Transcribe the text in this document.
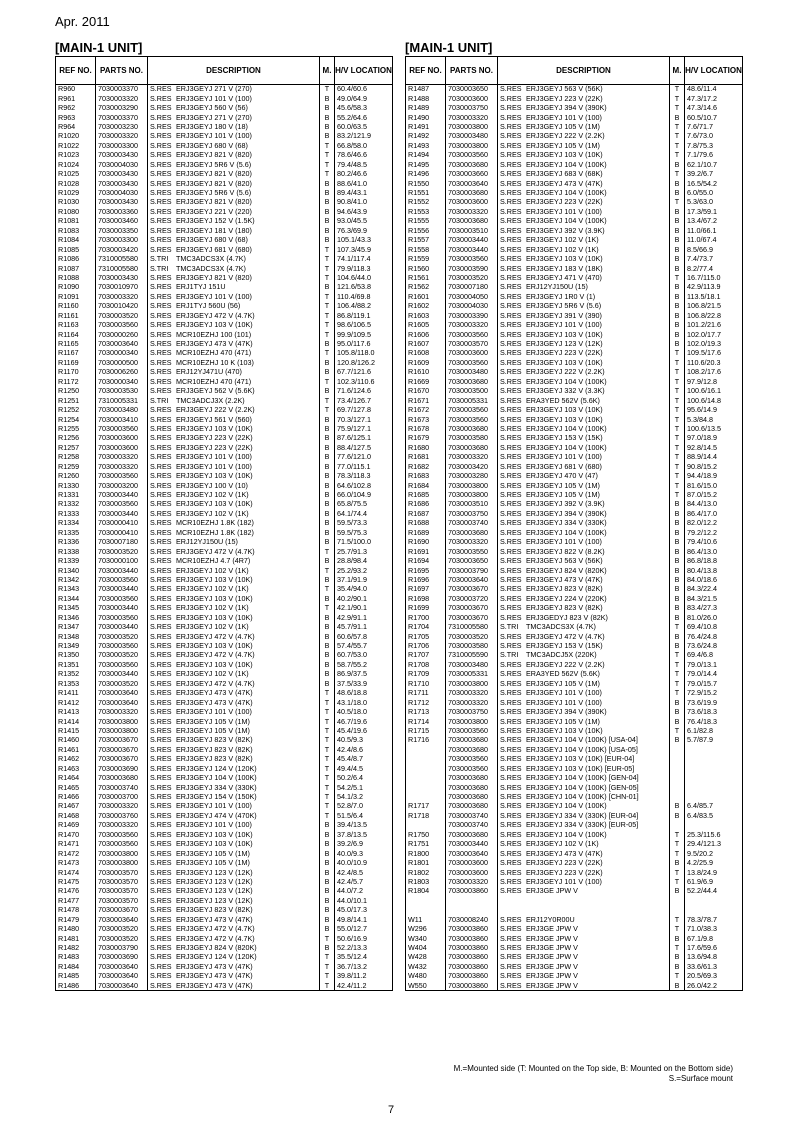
Apr. 2011
[MAIN-1 UNIT]	[MAIN-1 UNIT]
REF NO.	PARTS NO.	DESCRIPTION	M.	H/V LOCATION
R960	7030003370	S.RES ERJ3GEYJ 271 V (270)	T	60.4/60.6
R961	7030003320	S.RES ERJ3GEYJ 101 V (100)	B	49.0/64.9
R962	7030003290	S.RES ERJ3GEYJ 560 V (56)	B	45.6/58.3
R963	7030003370	S.RES ERJ3GEYJ 271 V (270)	B	55.2/64.6
R964	7030003230	S.RES ERJ3GEYJ 180 V (18)	B	60.0/63.5
R1020	7030003320	S.RES ERJ3GEYJ 101 V (100)	B	83.2/121.9
R1022	7030003300	S.RES ERJ3GEYJ 680 V (68)	T	66.8/58.0
R1023	7030003430	S.RES ERJ3GEYJ 821 V (820)	T	78.6/46.6
R1024	7030004030	S.RES ERJ3GEYJ 5R6 V (5.6)	T	79.4/48.5
R1025	7030003430	S.RES ERJ3GEYJ 821 V (820)	T	80.2/46.6
R1028	7030003430	S.RES ERJ3GEYJ 821 V (820)	B	88.6/41.0
R1029	7030004030	S.RES ERJ3GEYJ 5R6 V (5.6)	B	89.4/43.1
R1030	7030003430	S.RES ERJ3GEYJ 821 V (820)	B	90.8/41.0
R1080	7030003360	S.RES ERJ3GEYJ 221 V (220)	B	94.6/43.9
R1081	7030003460	S.RES ERJ3GEYJ 152 V (1.5K)	B	93.0/45.5
R1083	7030003350	S.RES ERJ3GEYJ 181 V (180)	B	76.3/69.9
R1084	7030003300	S.RES ERJ3GEYJ 680 V (68)	B	105.1/43.3
R1085	7030003420	S.RES ERJ3GEYJ 681 V (680)	T	107.3/45.9
R1086	7310005580	S.TRI TMC3ADCS3X (4.7K)	T	74.1/117.4
R1087	7310005580	S.TRI TMC3ADCS3X (4.7K)	T	79.9/118.3
R1088	7030003430	S.RES ERJ3GEYJ 821 V (820)	T	104.6/44.0
R1090	7030010970	S.RES ERJ1TYJ 151U	B	121.6/53.8
R1091	7030003320	S.RES ERJ3GEYJ 101 V (100)	T	110.4/69.8
R1160	7030010420	S.RES ERJ1TYJ 560U (56)	T	106.4/88.2
R1161	7030003520	S.RES ERJ3GEYJ 472 V (4.7K)	T	86.8/119.1
R1163	7030003560	S.RES ERJ3GEYJ 103 V (10K)	T	98.6/106.5
R1164	7030000260	S.RES MCR10EZHJ 100 (101)	T	99.9/109.5
R1165	7030003640	S.RES ERJ3GEYJ 473 V (47K)	B	95.0/117.6
R1167	7030000340	S.RES MCR10EZHJ 470 (471)	T	105.8/118.0
R1169	7030000500	S.RES MCR10EZHJ 10 K (103)	B	120.8/126.2
R1170	7030006260	S.RES ERJ12YJ471U (470)	B	67.7/121.6
R1172	7030000340	S.RES MCR10EZHJ 470 (471)	T	102.3/110.6
R1250	7030003530	S.RES ERJ3GEYJ 562 V (5.6K)	B	71.6/124.6
R1251	7310005331	S.TRI TMC3ADCJ3X (2.2K)	T	73.4/126.7
R1252	7030003480	S.RES ERJ3GEYJ 222 V (2.2K)	T	69.7/127.8
R1254	7030003410	S.RES ERJ3GEYJ 561 V (560)	B	70.3/127.1
R1255	7030003560	S.RES ERJ3GEYJ 103 V (10K)	B	75.9/127.1
R1256	7030003600	S.RES ERJ3GEYJ 223 V (22K)	B	87.6/125.1
R1257	7030003600	S.RES ERJ3GEYJ 223 V (22K)	B	88.4/127.5
R1258	7030003320	S.RES ERJ3GEYJ 101 V (100)	B	77.6/121.0
R1259	7030003320	S.RES ERJ3GEYJ 101 V (100)	B	77.0/115.1
R1260	7030003560	S.RES ERJ3GEYJ 103 V (10K)	B	78.3/118.3
R1330	7030003200	S.RES ERJ3GEYJ 100 V (10)	B	64.6/102.8
R1331	7030003440	S.RES ERJ3GEYJ 102 V (1K)	B	66.0/104.9
R1332	7030003560	S.RES ERJ3GEYJ 103 V (10K)	B	65.8/75.5
R1333	7030003440	S.RES ERJ3GEYJ 102 V (1K)	B	64.1/74.4
R1334	7030000410	S.RES MCR10EZHJ 1.8K (182)	B	59.5/73.3
R1335	7030000410	S.RES MCR10EZHJ 1.8K (182)	B	59.5/75.3
R1336	7030007180	S.RES ERJ12YJ150U (15)	B	71.5/100.0
R1338	7030003520	S.RES ERJ3GEYJ 472 V (4.7K)	T	25.7/91.3
R1339	7030000100	S.RES MCR10EZHJ 4.7 (4R7)	B	28.8/98.4
R1340	7030003440	S.RES ERJ3GEYJ 102 V (1K)	T	25.2/93.2
R1342	7030003560	S.RES ERJ3GEYJ 103 V (10K)	B	37.1/91.9
R1343	7030003440	S.RES ERJ3GEYJ 102 V (1K)	T	35.4/94.0
R1344	7030003560	S.RES ERJ3GEYJ 103 V (10K)	B	40.2/90.1
R1345	7030003440	S.RES ERJ3GEYJ 102 V (1K)	T	42.1/90.1
R1346	7030003560	S.RES ERJ3GEYJ 103 V (10K)	B	42.9/91.1
R1347	7030003440	S.RES ERJ3GEYJ 102 V (1K)	B	45.7/91.1
R1348	7030003520	S.RES ERJ3GEYJ 472 V (4.7K)	B	60.6/57.8
R1349	7030003560	S.RES ERJ3GEYJ 103 V (10K)	B	57.4/55.7
R1350	7030003520	S.RES ERJ3GEYJ 472 V (4.7K)	B	60.7/53.0
R1351	7030003560	S.RES ERJ3GEYJ 103 V (10K)	B	58.7/55.2
R1352	7030003440	S.RES ERJ3GEYJ 102 V (1K)	B	86.9/37.5
R1353	7030003520	S.RES ERJ3GEYJ 472 V (4.7K)	B	37.5/33.9
R1411	7030003640	S.RES ERJ3GEYJ 473 V (47K)	T	48.6/18.8
R1412	7030003640	S.RES ERJ3GEYJ 473 V (47K)	T	43.1/18.0
R1413	7030003320	S.RES ERJ3GEYJ 101 V (100)	T	40.5/18.0
R1414	7030003800	S.RES ERJ3GEYJ 105 V (1M)	T	46.7/19.6
R1415	7030003800	S.RES ERJ3GEYJ 105 V (1M)	T	45.4/19.6
R1460	7030003670	S.RES ERJ3GEYJ 823 V (82K)	T	40.5/9.3
R1461	7030003670	S.RES ERJ3GEYJ 823 V (82K)	T	42.4/8.6
R1462	7030003670	S.RES ERJ3GEYJ 823 V (82K)	T	45.4/8.7
R1463	7030003690	S.RES ERJ3GEYJ 124 V (120K)	T	49.4/4.5
R1464	7030003680	S.RES ERJ3GEYJ 104 V (100K)	T	50.2/6.4
R1465	7030003740	S.RES ERJ3GEYJ 334 V (330K)	T	54.2/5.1
R1466	7030003700	S.RES ERJ3GEYJ 154 V (150K)	T	54.1/3.2
R1467	7030003320	S.RES ERJ3GEYJ 101 V (100)	T	52.8/7.0
R1468	7030003760	S.RES ERJ3GEYJ 474 V (470K)	T	51.5/6.4
R1469	7030003320	S.RES ERJ3GEYJ 101 V (100)	B	39.4/13.5
R1470	7030003560	S.RES ERJ3GEYJ 103 V (10K)	B	37.8/13.5
R1471	7030003560	S.RES ERJ3GEYJ 103 V (10K)	B	39.2/6.9
R1472	7030003800	S.RES ERJ3GEYJ 105 V (1M)	B	40.0/9.3
R1473	7030003800	S.RES ERJ3GEYJ 105 V (1M)	B	40.0/10.9
R1474	7030003570	S.RES ERJ3GEYJ 123 V (12K)	B	42.4/8.5
R1475	7030003570	S.RES ERJ3GEYJ 123 V (12K)	B	42.4/5.7
R1476	7030003570	S.RES ERJ3GEYJ 123 V (12K)	B	44.0/7.2
R1477	7030003570	S.RES ERJ3GEYJ 123 V (12K)	B	44.0/10.1
R1478	7030003670	S.RES ERJ3GEYJ 823 V (82K)	B	45.0/17.3
R1479	7030003640	S.RES ERJ3GEYJ 473 V (47K)	B	49.8/14.1
R1480	7030003520	S.RES ERJ3GEYJ 472 V (4.7K)	B	55.0/12.7
R1481	7030003520	S.RES ERJ3GEYJ 472 V (4.7K)	T	50.6/16.9
R1482	7030003790	S.RES ERJ3GEYJ 824 V (820K)	B	52.2/13.3
R1483	7030003690	S.RES ERJ3GEYJ 124 V (120K)	T	35.5/12.4
R1484	7030003640	S.RES ERJ3GEYJ 473 V (47K)	T	36.7/13.2
R1485	7030003640	S.RES ERJ3GEYJ 473 V (47K)	T	39.8/11.2
R1486	7030003640	S.RES ERJ3GEYJ 473 V (47K)	T	42.4/11.2
REF NO.	PARTS NO.	DESCRIPTION	M.	H/V LOCATION
R1487	7030003650	S.RES ERJ3GEYJ 563 V (56K)	T	48.6/11.4
R1488	7030003600	S.RES ERJ3GEYJ 223 V (22K)	T	47.3/17.2
R1489	7030003750	S.RES ERJ3GEYJ 394 V (390K)	T	47.3/14.6
R1490	7030003320	S.RES ERJ3GEYJ 101 V (100)	B	60.5/10.7
R1491	7030003800	S.RES ERJ3GEYJ 105 V (1M)	T	7.6/71.7
R1492	7030003480	S.RES ERJ3GEYJ 222 V (2.2K)	T	7.6/73.0
R1493	7030003800	S.RES ERJ3GEYJ 105 V (1M)	T	7.8/75.3
R1494	7030003560	S.RES ERJ3GEYJ 103 V (10K)	T	7.1/79.6
R1495	7030003680	S.RES ERJ3GEYJ 104 V (100K)	B	62.1/10.7
R1496	7030003660	S.RES ERJ3GEYJ 683 V (68K)	T	39.2/6.7
R1550	7030003640	S.RES ERJ3GEYJ 473 V (47K)	B	16.5/54.2
R1551	7030003680	S.RES ERJ3GEYJ 104 V (100K)	B	6.0/55.0
R1552	7030003600	S.RES ERJ3GEYJ 223 V (22K)	T	5.3/63.0
R1553	7030003320	S.RES ERJ3GEYJ 101 V (100)	B	17.3/59.1
R1555	7030003680	S.RES ERJ3GEYJ 104 V (100K)	B	13.4/67.2
R1556	7030003510	S.RES ERJ3GEYJ 392 V (3.9K)	B	11.0/66.1
R1557	7030003440	S.RES ERJ3GEYJ 102 V (1K)	B	11.0/67.4
R1558	7030003440	S.RES ERJ3GEYJ 102 V (1K)	B	8.5/66.9
R1559	7030003560	S.RES ERJ3GEYJ 103 V (10K)	B	7.4/73.7
R1560	7030003590	S.RES ERJ3GEYJ 183 V (18K)	B	8.2/77.4
R1561	7030003520	S.RES ERJ3GEYJ 471 V (470)	T	16.7/115.0
R1562	7030007180	S.RES ERJ12YJ150U (15)	B	42.9/113.9
R1601	7030004050	S.RES ERJ3GEYJ 1R0 V (1)	B	113.5/18.1
R1602	7030004030	S.RES ERJ3GEYJ 5R6 V (5.6)	B	106.8/21.5
R1603	7030003390	S.RES ERJ3GEYJ 391 V (390)	B	106.8/22.8
R1605	7030003320	S.RES ERJ3GEYJ 101 V (100)	B	101.2/21.6
R1606	7030003560	S.RES ERJ3GEYJ 103 V (10K)	B	102.0/17.7
R1607	7030003570	S.RES ERJ3GEYJ 123 V (12K)	B	102.0/19.3
R1608	7030003600	S.RES ERJ3GEYJ 223 V (22K)	T	109.5/17.6
R1609	7030003560	S.RES ERJ3GEYJ 103 V (10K)	T	110.6/20.3
R1610	7030003480	S.RES ERJ3GEYJ 222 V (2.2K)	T	108.2/17.6
R1669	7030003680	S.RES ERJ3GEYJ 104 V (100K)	T	97.9/12.8
R1670	7030003500	S.RES ERJ3GEYJ 332 V (3.3K)	T	100.6/16.1
R1671	7030005331	S.RES ERA3YED 562V (5.6K)	T	100.6/14.8
R1672	7030003560	S.RES ERJ3GEYJ 103 V (10K)	T	95.6/14.9
R1673	7030003560	S.RES ERJ3GEYJ 103 V (10K)	T	5.3/84.8
R1678	7030003680	S.RES ERJ3GEYJ 104 V (100K)	T	100.6/13.5
R1679	7030003580	S.RES ERJ3GEYJ 153 V (15K)	T	97.0/18.9
R1680	7030003680	S.RES ERJ3GEYJ 104 V (100K)	T	92.8/14.5
R1681	7030003320	S.RES ERJ3GEYJ 101 V (100)	T	88.9/14.4
R1682	7030003420	S.RES ERJ3GEYJ 681 V (680)	T	90.8/15.2
R1683	7030003280	S.RES ERJ3GEYJ 470 V (47)	T	94.4/18.9
R1684	7030003800	S.RES ERJ3GEYJ 105 V (1M)	T	81.6/15.0
R1685	7030003800	S.RES ERJ3GEYJ 105 V (1M)	T	87.0/15.2
R1686	7030003510	S.RES ERJ3GEYJ 392 V (3.9K)	B	84.4/13.0
R1687	7030003750	S.RES ERJ3GEYJ 394 V (390K)	B	86.4/17.0
R1688	7030003740	S.RES ERJ3GEYJ 334 V (330K)	B	82.0/12.2
R1689	7030003680	S.RES ERJ3GEYJ 104 V (100K)	B	79.2/12.2
R1690	7030003320	S.RES ERJ3GEYJ 101 V (100)	B	79.4/10.6
R1691	7030003550	S.RES ERJ3GEYJ 822 V (8.2K)	B	86.4/13.0
R1694	7030003650	S.RES ERJ3GEYJ 563 V (56K)	B	86.8/18.8
R1695	7030003790	S.RES ERJ3GEYJ 824 V (820K)	B	80.4/13.8
R1696	7030003640	S.RES ERJ3GEYJ 473 V (47K)	B	84.0/18.6
R1697	7030003670	S.RES ERJ3GEYJ 823 V (82K)	B	84.3/22.4
R1698	7030003720	S.RES ERJ3GEYJ 224 V (220K)	B	84.3/21.5
R1699	7030003670	S.RES ERJ3GEYJ 823 V (82K)	B	83.4/27.3
R1700	7030003670	S.RES ERJ3GEDYJ 823 V (82K)	B	81.0/26.0
R1704	7310005580	S.TRI TMC3ADCS3X (4.7K)	T	69.4/10.8
R1705	7030003520	S.RES ERJ3GEYJ 472 V (4.7K)	B	76.4/24.8
R1706	7030003580	S.RES ERJ3GEYJ 153 V (15K)	B	73.6/24.8
R1707	7310005590	S.TRI TMC3ADCJ5X (220K)	T	69.4/6.8
R1708	7030003480	S.RES ERJ3GEYJ 222 V (2.2K)	T	79.0/13.1
R1709	7030005331	S.RES ERA3YED 562V (5.6K)	T	79.0/14.4
R1710	7030003800	S.RES ERJ3GEYJ 105 V (1M)	T	79.0/15.7
R1711	7030003320	S.RES ERJ3GEYJ 101 V (100)	T	72.9/15.2
R1712	7030003320	S.RES ERJ3GEYJ 101 V (100)	B	73.6/19.9
R1713	7030003750	S.RES ERJ3GEYJ 394 V (390K)	B	73.6/18.3
R1714	7030003800	S.RES ERJ3GEYJ 105 V (1M)	B	76.4/18.3
R1715	7030003560	S.RES ERJ3GEYJ 103 V (10K)	T	6.1/82.8
R1716	7030003680	S.RES ERJ3GEYJ 104 V (100K) [USA-04]	B	5.7/87.9
	7030003680	S.RES ERJ3GEYJ 104 V (100K) [USA-05]		
	7030003560	S.RES ERJ3GEYJ 103 V (10K) [EUR-04]		
	7030003560	S.RES ERJ3GEYJ 103 V (10K) [EUR-05]		
	7030003680	S.RES ERJ3GEYJ 104 V (100K) [GEN-04]		
	7030003680	S.RES ERJ3GEYJ 104 V (100K) [GEN-05]		
	7030003680	S.RES ERJ3GEYJ 104 V (100K) [CHN-01]		
R1717	7030003680	S.RES ERJ3GEYJ 104 V (100K)	B	6.4/85.7
R1718	7030003740	S.RES ERJ3GEYJ 334 V (330K) [EUR-04]	B	6.4/83.5
	7030003740	S.RES ERJ3GEYJ 334 V (330K) [EUR-05]		
R1750	7030003680	S.RES ERJ3GEYJ 104 V (100K)	T	25.3/115.6
R1751	7030003440	S.RES ERJ3GEYJ 102 V (1K)	T	29.4/121.3
R1800	7030003640	S.RES ERJ3GEYJ 473 V (47K)	T	9.5/20.2
R1801	7030003600	S.RES ERJ3GEYJ 223 V (22K)	B	4.2/25.9
R1802	7030003600	S.RES ERJ3GEYJ 223 V (22K)	T	13.8/24.9
R1803	7030003320	S.RES ERJ3GEYJ 101 V (100)	T	61.9/6.9
R1804	7030003860	S.RES ERJ3GE JPW V	B	52.2/44.4

W11	7030008240	S.RES ERJ12Y0R00U	T	78.3/78.7
W296	7030003860	S.RES ERJ3GE JPW V	T	71.0/38.3
W340	7030003860	S.RES ERJ3GE JPW V	B	67.1/9.8
W404	7030003860	S.RES ERJ3GE JPW V	T	17.6/59.6
W428	7030003860	S.RES ERJ3GE JPW V	B	13.6/94.8
W432	7030003860	S.RES ERJ3GE JPW V	B	33.6/61.3
W480	7030003860	S.RES ERJ3GE JPW V	T	20.5/69.3
W550	7030003860	S.RES ERJ3GE JPW V	B	26.0/42.2
M.=Mounted side (T: Mounted on the Top side, B: Mounted on the Bottom side)
S.=Surface mount
7
